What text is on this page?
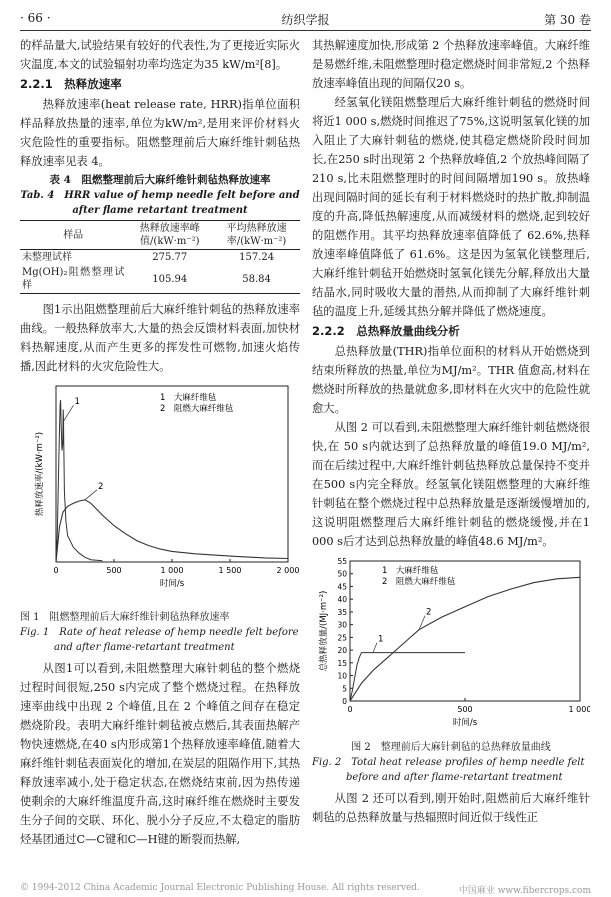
· 66 ·	纺织学报	第 30 卷

的样品量大,试验结果有较好的代表性,为了更接近实际火灾温度,本文的试验辐射功率均选定为35 kW/m²[8]。

2.2.1　热释放速率

热释放速率(heat release rate, HRR)指单位面积样品释放热量的速率,单位为kW/m²,是用来评价材料火灾危险性的重要指标。阻燃整理前后大麻纤维针刺毡热释放速率见表 4。

表 4　阻燃整理前后大麻纤维针刺毡热释放速率
Tab. 4　HRR value of hemp needle felt before and
after flame retartant treatment
样品	热释放速率峰值/(kW·m⁻²)	平均热释放速率/(kW·m⁻²)

未整理试样	275.77	157.24
Mg(OH)₂阻燃整理试样	105.94	58.84

图1示出阻燃整理前后大麻纤维针刺毡的热释放速率曲线。一般热释放率大,大量的热会反馈材料表面,加快材料热解速度,从而产生更多的挥发性可燃物,加速火焰传播,因此材料的火灾危险性大。

0	500	1 000	1 500	2 000
时间/s
热释放速率/(kW·m⁻²)
1　大麻纤维毡
2　阻燃大麻纤维毡
1
2
图 1　阻燃整理前后大麻纤维针刺毡热释放速率
Fig. 1　Rate of heat release of hemp needle felt before
and after flame-retartant treatment

从图1可以看到,未阻燃整理大麻针刺毡的整个燃烧过程时间很短,250 s内完成了整个燃烧过程。在热释放速率曲线中出现 2 个峰值,且在 2 个峰值之间存在稳定燃烧阶段。表明大麻纤维针刺毡被点燃后,其表面热解产物快速燃烧,在40 s内形成第1个热释放速率峰值,随着大麻纤维针刺毡表面炭化的增加,在炭层的阻隔作用下,其热释放速率减小,处于稳定状态,在燃烧结束前,因为热传递使剩余的大麻纤维温度升高,这时麻纤维在燃烧时主要发生分子间的交联、环化、脱小分子反应,不太稳定的脂肪烃基团通过C—C键和C—H键的断裂而热解,

其热解速度加快,形成第 2 个热释放速率峰值。大麻纤维是易燃纤维,未阻燃整理时稳定燃烧时间非常短,2 个热释放速率峰值出现的间隔仅20 s。

经氢氧化镁阻燃整理后大麻纤维针刺毡的燃烧时间将近1 000 s,燃烧时间推迟了75%,这说明氢氧化镁的加入阻止了大麻针刺毡的燃烧,使其稳定燃烧阶段时间加长,在250 s时出现第 2 个热释放峰值,2 个放热峰间隔了210 s,比未阻燃整理时的时间间隔增加190 s。放热峰出现间隔时间的延长有利于材料燃烧时的热扩散,抑制温度的升高,降低热解速度,从而减缓材料的燃烧,起到较好的阻燃作用。其平均热释放速率值降低了 62.6%,热释放速率峰值降低了 61.6%。这是因为氢氧化镁整理后,大麻纤维针刺毡开始燃烧时氢氧化镁先分解,释放出大量结晶水,同时吸收大量的潜热,从而抑制了大麻纤维针刺毡的温度上升,延缓其热分解并降低了燃烧速度。

2.2.2　总热释放量曲线分析

总热释放量(THR)指单位面积的材料从开始燃烧到结束所释放的热量,单位为MJ/m²。THR 值愈高,材料在燃烧时所释放的热量就愈多,即材料在火灾中的危险性就愈大。

从图 2 可以看到,未阻燃整理大麻纤维针刺毡燃烧很快,在 50 s内就达到了总热释放量的峰值19.0 MJ/m²,而在后续过程中,大麻纤维针刺毡热释放总量保持不变并在500 s内完全释放。经氢氧化镁阻燃整理的大麻纤维针刺毡在整个燃烧过程中总热释放量是逐渐缓慢增加的,这说明阻燃整理后大麻纤维针刺毡的燃烧缓慢,并在1 000 s后才达到总热释放量的峰值48.6 MJ/m²。

0	500	1 000
0
5
10
15
20
25
30
35
40
45
50
55
时间/s
总热释放量/(MJ·m⁻²)
1　大麻纤维毡
2　阻燃大麻纤维毡
1
2
图 2　整理前后大麻针刺毡的总热释放量曲线
Fig. 2　Total heat release profiles of hemp needle felt
before and after flame-retartant treatment

从图 2 还可以看到,刚开始时,阻燃前后大麻纤维针刺毡的总热释放量与热辐照时间近似于线性正

© 1994-2012 China Academic Journal Electronic Publishing House. All rights reserved.	中国麻业 www.fibercrops.com
